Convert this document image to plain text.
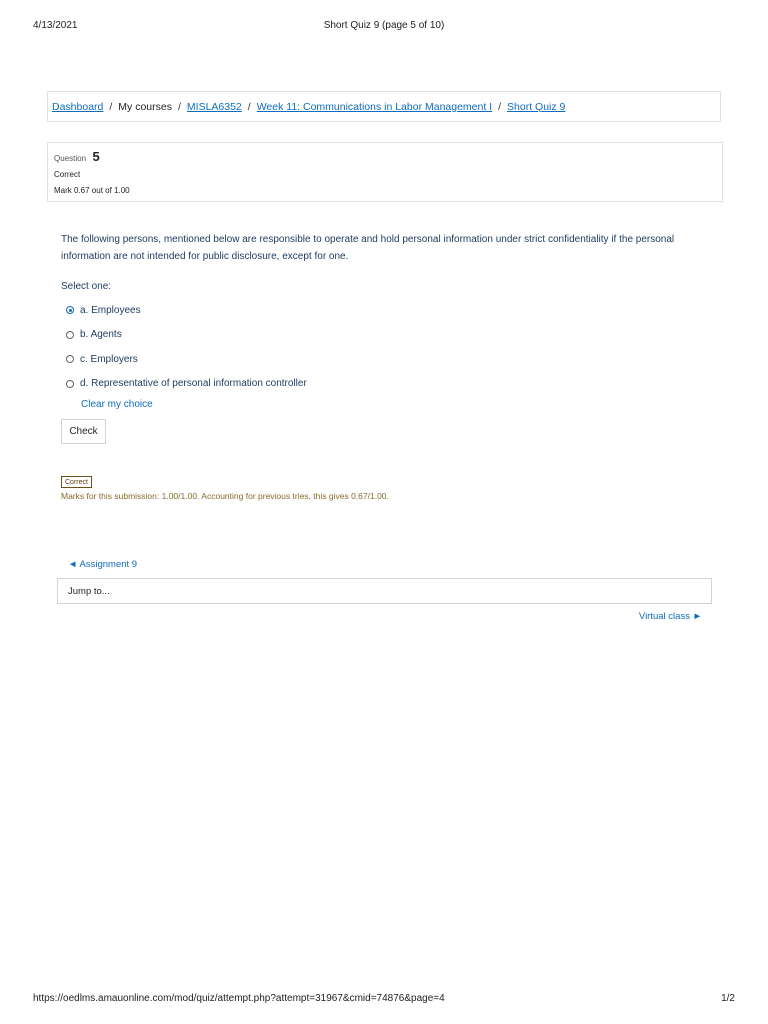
4/13/2021	Short Quiz 9 (page 5 of 10)
Dashboard / My courses / MISLA6352 / Week 11: Communications in Labor Management I / Short Quiz 9
Question 5
Correct
Mark 0.67 out of 1.00
The following persons, mentioned below are responsible to operate and hold personal information under strict confidentiality if the personal information are not intended for public disclosure, except for one.
Select one:
a. Employees
b. Agents
c. Employers
d. Representative of personal information controller
Clear my choice
Check
Correct
Marks for this submission: 1.00/1.00. Accounting for previous tries, this gives 0.67/1.00.
◄ Assignment 9
Jump to...
Virtual class ►
https://oedlms.amauonline.com/mod/quiz/attempt.php?attempt=31967&cmid=74876&page=4	1/2
